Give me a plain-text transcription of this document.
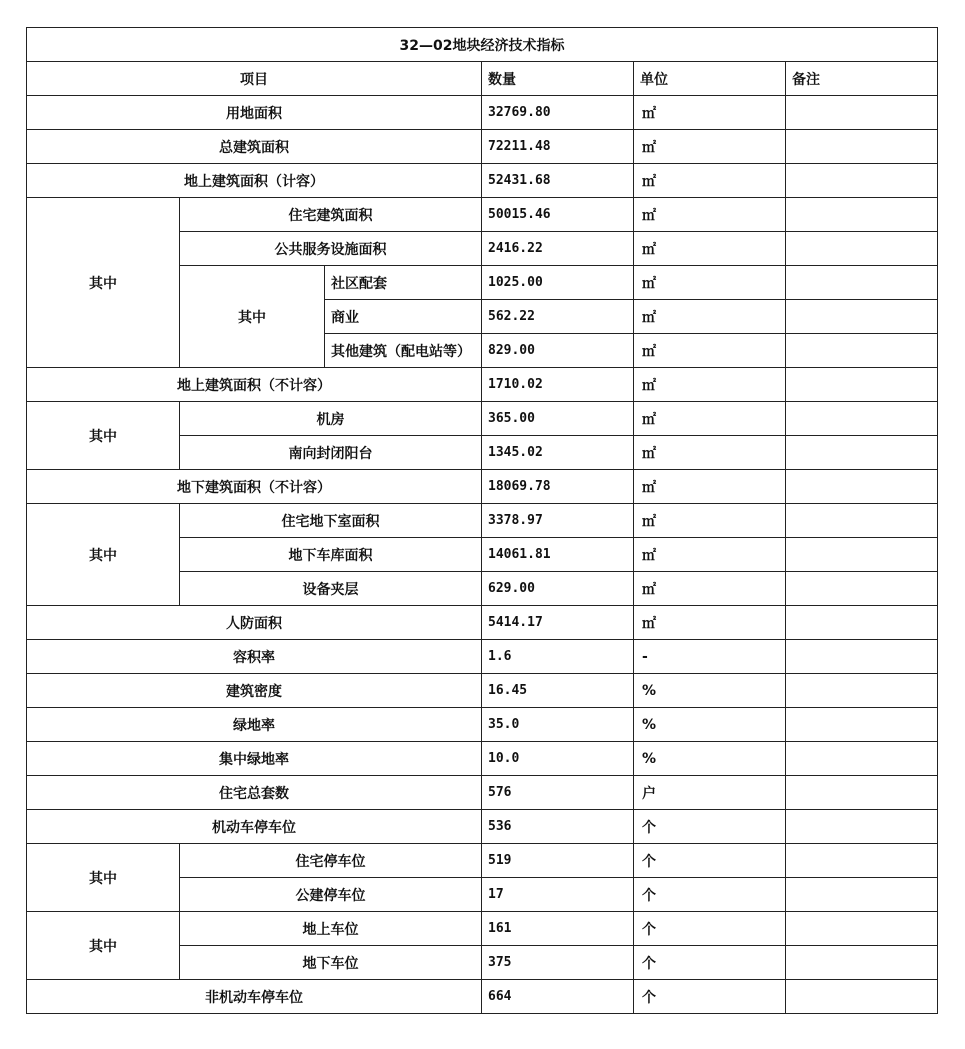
32—02地块经济技术指标					
项目			数量	单位	备注
用地面积			32769.80	㎡	
总建筑面积			72211.48	㎡	
地上建筑面积（计容）			52431.68	㎡	
其中	住宅建筑面积		50015.46	㎡	
	公共服务设施面积		2416.22	㎡	
	其中	社区配套	1025.00	㎡	
		商业	562.22	㎡	
		其他建筑（配电站等）	829.00	㎡	
地上建筑面积（不计容）			1710.02	㎡	
其中	机房		365.00	㎡	
	南向封闭阳台		1345.02	㎡	
地下建筑面积（不计容）			18069.78	㎡	
其中	住宅地下室面积		3378.97	㎡	
	地下车库面积		14061.81	㎡	
	设备夹层		629.00	㎡	
人防面积			5414.17	㎡	
容积率			1.6	-	
建筑密度			16.45	%	
绿地率			35.0	%	
集中绿地率			10.0	%	
住宅总套数			576	户	
机动车停车位			536	个	
其中	住宅停车位		519	个	
	公建停车位		17	个	
其中	地上车位		161	个	
	地下车位		375	个	
非机动车停车位			664	个	
